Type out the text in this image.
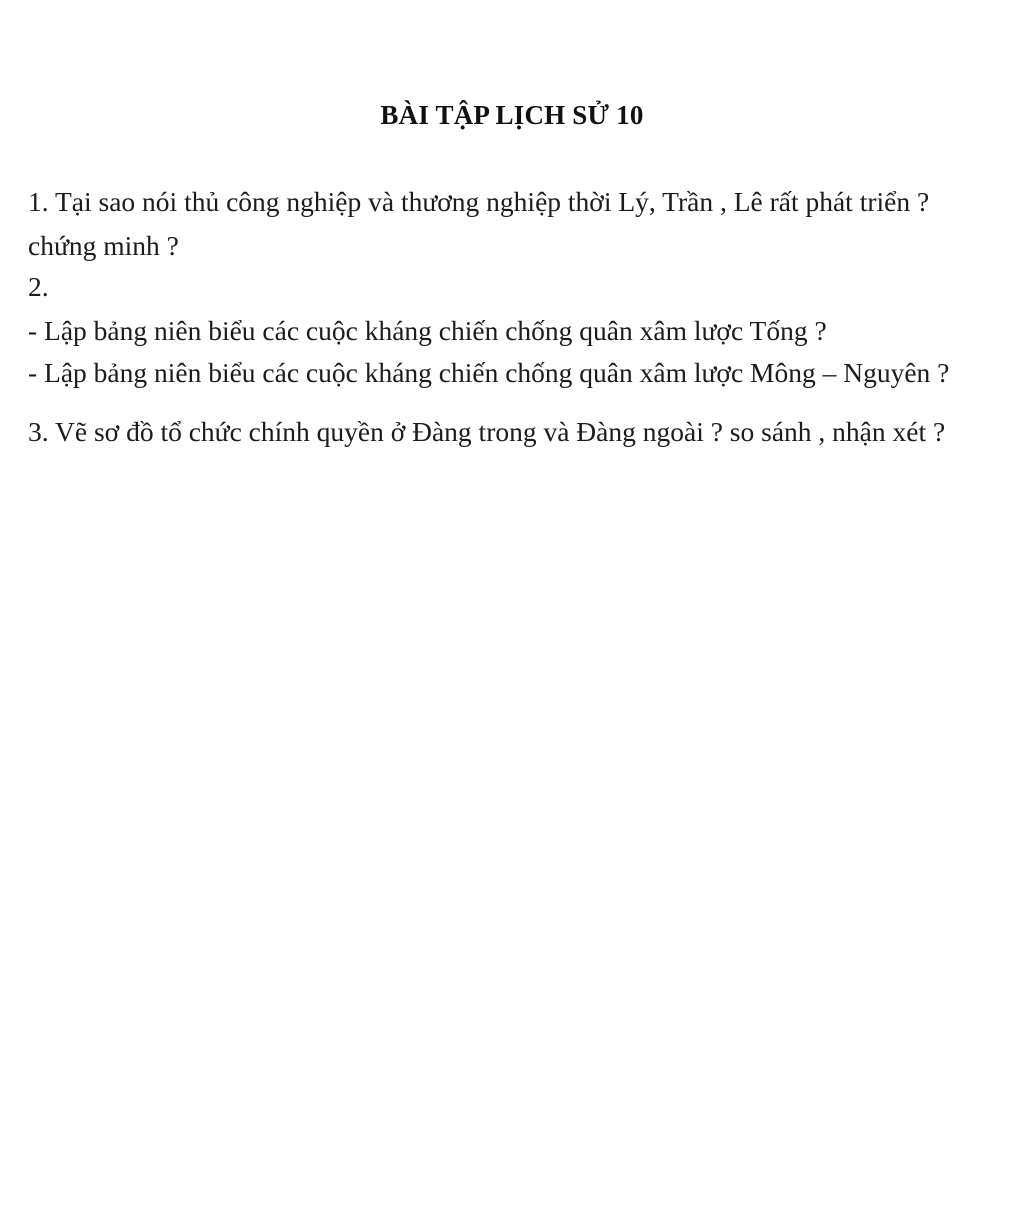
BÀI TẬP LỊCH SỬ 10
1. Tại sao nói thủ công nghiệp và thương nghiệp thời Lý, Trần , Lê rất phát triển ?
chứng minh ?
2.
- Lập bảng niên biểu các cuộc kháng chiến chống quân xâm lược Tống ?
- Lập bảng niên biểu các cuộc kháng chiến chống quân xâm lược Mông – Nguyên ?
3. Vẽ sơ đồ tổ chức chính quyền ở Đàng trong và Đàng ngoài ? so sánh , nhận xét ?
